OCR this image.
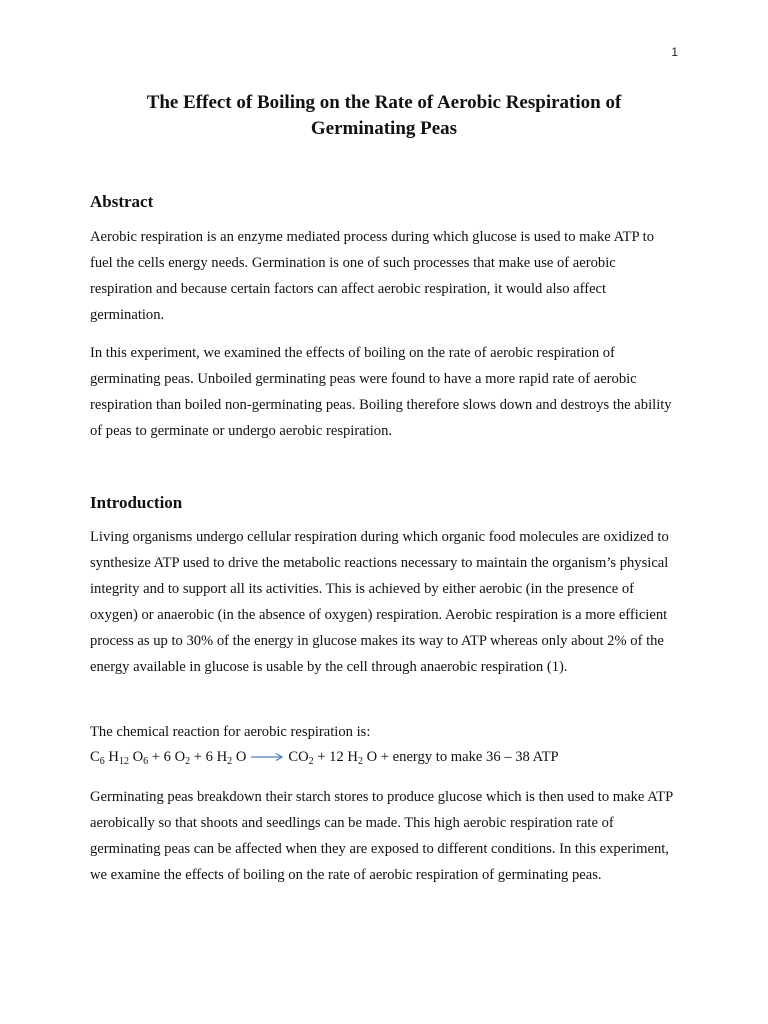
1
The Effect of Boiling on the Rate of Aerobic Respiration of
Germinating Peas
Abstract

Aerobic respiration is an enzyme mediated process during which glucose is used to make ATP to fuel the cells energy needs. Germination is one of such processes that make use of aerobic respiration and because certain factors can affect aerobic respiration, it would also affect germination.

In this experiment, we examined the effects of boiling on the rate of aerobic respiration of germinating peas. Unboiled germinating peas were found to have a more rapid rate of aerobic respiration than boiled non-germinating peas. Boiling therefore slows down and destroys the ability of peas to germinate or undergo aerobic respiration.

Introduction

Living organisms undergo cellular respiration during which organic food molecules are oxidized to synthesize ATP used to drive the metabolic reactions necessary to maintain the organism’s physical integrity and to support all its activities. This is achieved by either aerobic (in the presence of oxygen) or anaerobic (in the absence of oxygen) respiration. Aerobic respiration is a more efficient process as up to 30% of the energy in glucose makes its way to ATP whereas only about 2% of the energy available in glucose is usable by the cell through anaerobic respiration (1).

The chemical reaction for aerobic respiration is:

$C_6$ $H_{12}$ $O_6 + 6$ $O_2 + 6$ $H_2$ $O \to CO_2 + 12$ $H_2$ O + energy to make 36 – 38 ATP

Germinating peas breakdown their starch stores to produce glucose which is then used to make ATP aerobically so that shoots and seedlings can be made. This high aerobic respiration rate of germinating peas can be affected when they are exposed to different conditions. In this experiment, we examine the effects of boiling on the rate of aerobic respiration of germinating peas.
